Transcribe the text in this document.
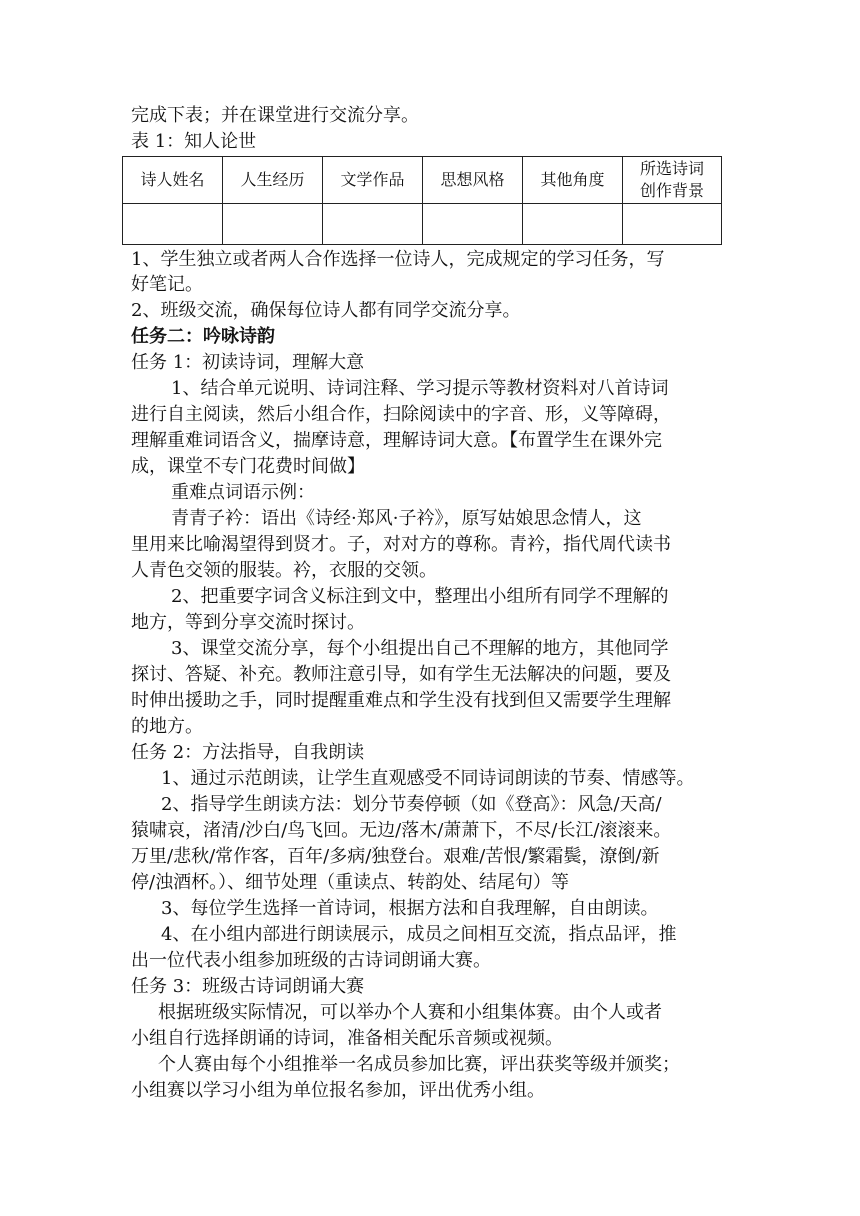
完成下表；并在课堂进行交流分享。
表 1：知人论世
诗人姓名	人生经历	文学作品	思想风格	其他角度	所选诗词
创作背景

1、学生独立或者两人合作选择一位诗人，完成规定的学习任务，写
好笔记。
2、班级交流，确保每位诗人都有同学交流分享。
任务二：吟咏诗韵
任务 1：初读诗词，理解大意
1、结合单元说明、诗词注释、学习提示等教材资料对八首诗词
进行自主阅读，然后小组合作，扫除阅读中的字音、形，义等障碍，
理解重难词语含义，揣摩诗意，理解诗词大意。【布置学生在课外完
成，课堂不专门花费时间做】
重难点词语示例：
青青子衿：语出《诗经·郑风·子衿》，原写姑娘思念情人，这
里用来比喻渴望得到贤才。子，对对方的尊称。青衿，指代周代读书
人青色交领的服装。衿，衣服的交领。
2、把重要字词含义标注到文中，整理出小组所有同学不理解的
地方，等到分享交流时探讨。
3、课堂交流分享，每个小组提出自己不理解的地方，其他同学
探讨、答疑、补充。教师注意引导，如有学生无法解决的问题，要及
时伸出援助之手，同时提醒重难点和学生没有找到但又需要学生理解
的地方。
任务 2：方法指导，自我朗读
1、通过示范朗读，让学生直观感受不同诗词朗读的节奏、情感等。
2、指导学生朗读方法：划分节奏停顿（如《登高》：风急/天高/
猿啸哀，渚清/沙白/鸟飞回。无边/落木/萧萧下，不尽/长江/滚滚来。
万里/悲秋/常作客，百年/多病/独登台。艰难/苦恨/繁霜鬓，潦倒/新
停/浊酒杯。）、细节处理（重读点、转韵处、结尾句）等
3、每位学生选择一首诗词，根据方法和自我理解，自由朗读。
4、在小组内部进行朗读展示，成员之间相互交流，指点品评，推
出一位代表小组参加班级的古诗词朗诵大赛。
任务 3：班级古诗词朗诵大赛
根据班级实际情况，可以举办个人赛和小组集体赛。由个人或者
小组自行选择朗诵的诗词，准备相关配乐音频或视频。
个人赛由每个小组推举一名成员参加比赛，评出获奖等级并颁奖；
小组赛以学习小组为单位报名参加，评出优秀小组。
